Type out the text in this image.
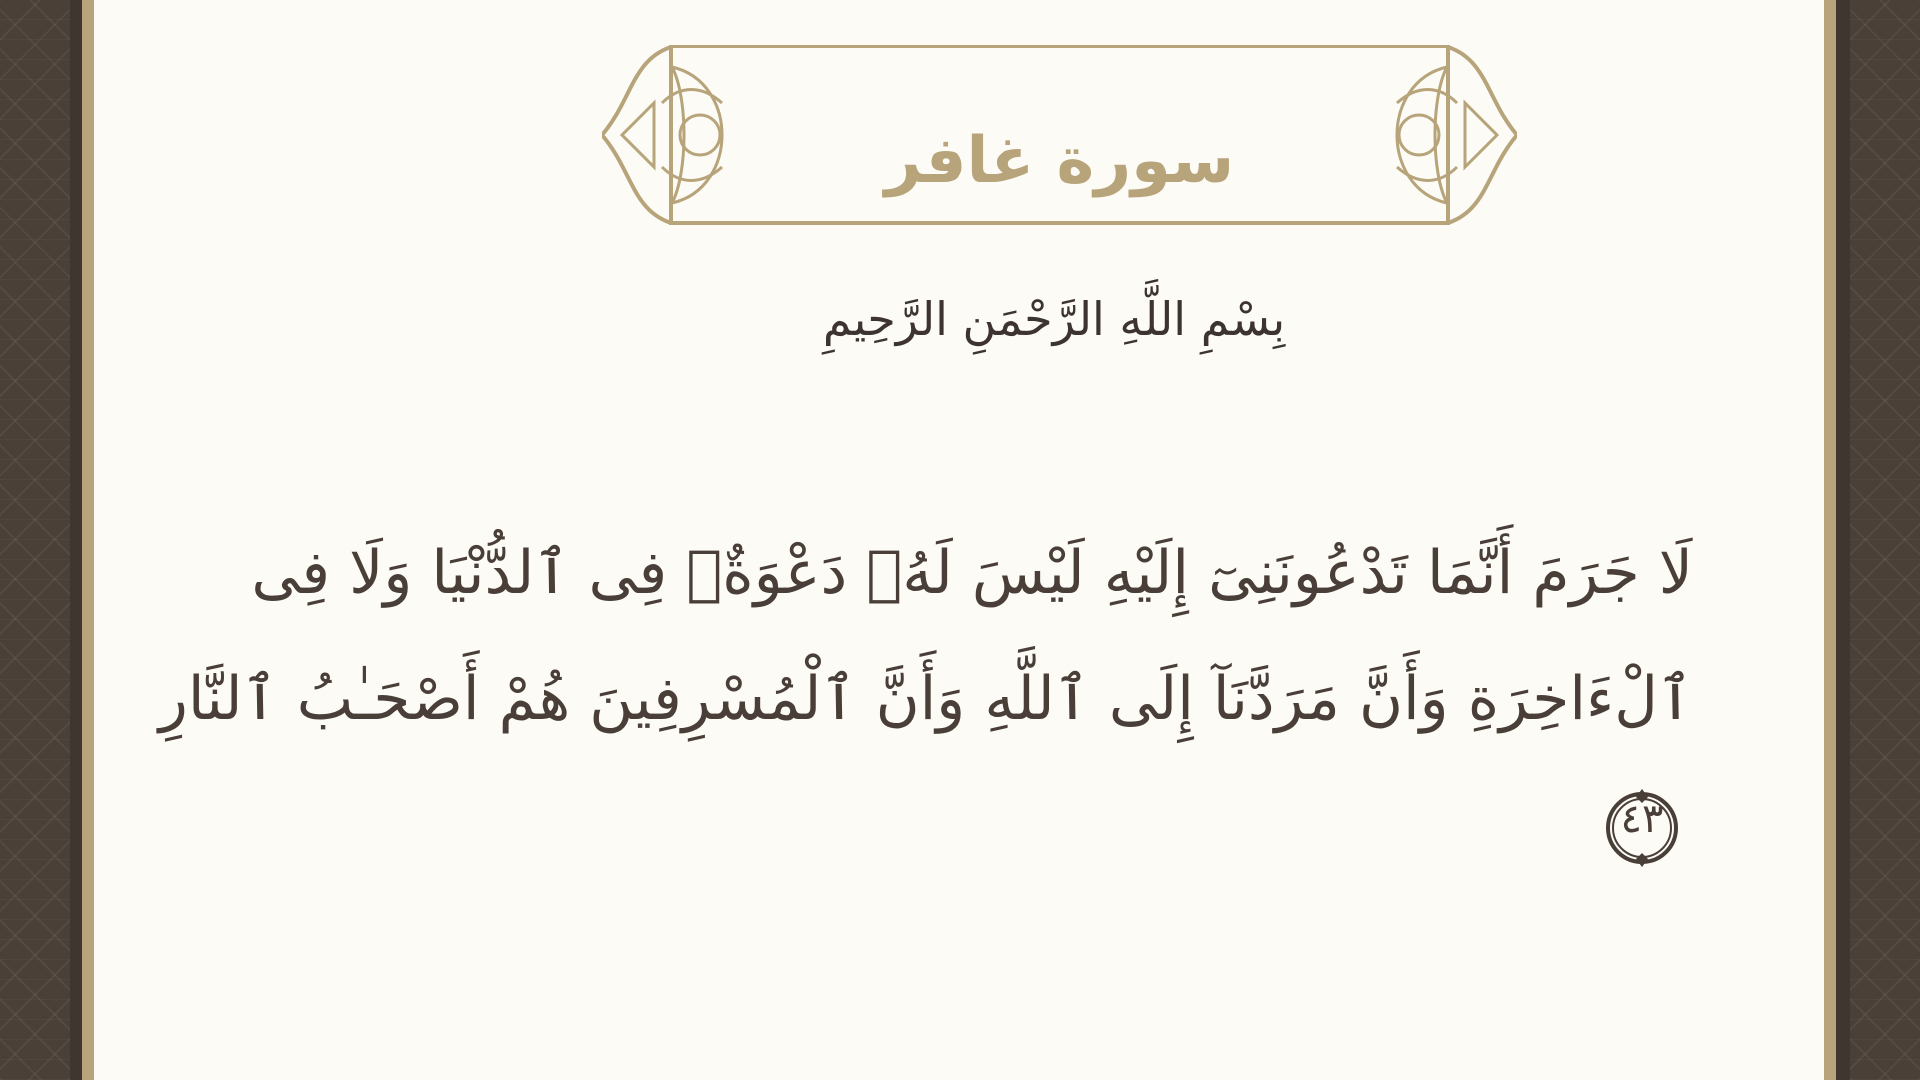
سورة غافر
بِسْمِ اللَّهِ الرَّحْمَنِ الرَّحِيمِ
لَا جَرَمَ أَنَّمَا تَدْعُونَنِىٓ إِلَيْهِ لَيْسَ لَهُۥ دَعْوَةٌۭ فِى ٱلدُّنْيَا وَلَا فِى ٱلْءَاخِرَةِ وَأَنَّ مَرَدَّنَآ إِلَى ٱللَّهِ وَأَنَّ ٱلْمُسْرِفِينَ هُمْ أَصْحَـٰبُ ٱلنَّارِ
٤٣
